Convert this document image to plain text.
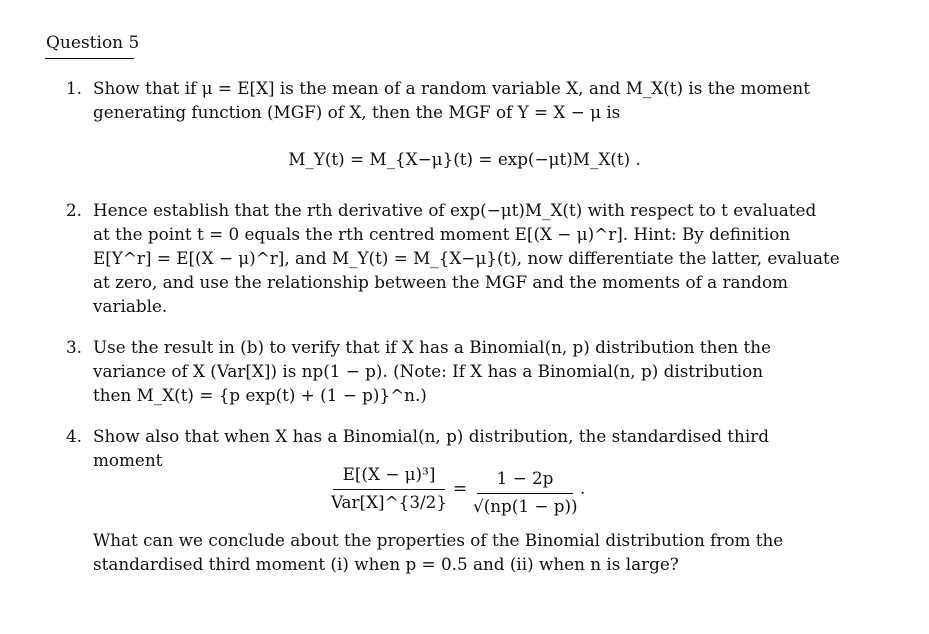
Question 5
1. Show that if μ = E[X] is the mean of a random variable X, and M_X(t) is the moment
generating function (MGF) of X, then the MGF of Y = X − μ is
M_Y(t) = M_{X−μ}(t) = exp(−μt)M_X(t) .
2. Hence establish that the rth derivative of exp(−μt)M_X(t) with respect to t evaluated
at the point t = 0 equals the rth centred moment E[(X − μ)^r]. Hint: By definition
E[Y^r] = E[(X − μ)^r], and M_Y(t) = M_{X−μ}(t), now differentiate the latter, evaluate
at zero, and use the relationship between the MGF and the moments of a random
variable.
3. Use the result in (b) to verify that if X has a Binomial(n, p) distribution then the
variance of X (Var[X]) is np(1 − p). (Note: If X has a Binomial(n, p) distribution
then M_X(t) = {p exp(t) + (1 − p)}^n.)
4. Show also that when X has a Binomial(n, p) distribution, the standardised third
moment
E[(X − μ)³]
Var[X]^{3/2}
=	1 − 2p
√(np(1 − p))
.
What can we conclude about the properties of the Binomial distribution from the
standardised third moment (i) when p = 0.5 and (ii) when n is large?
